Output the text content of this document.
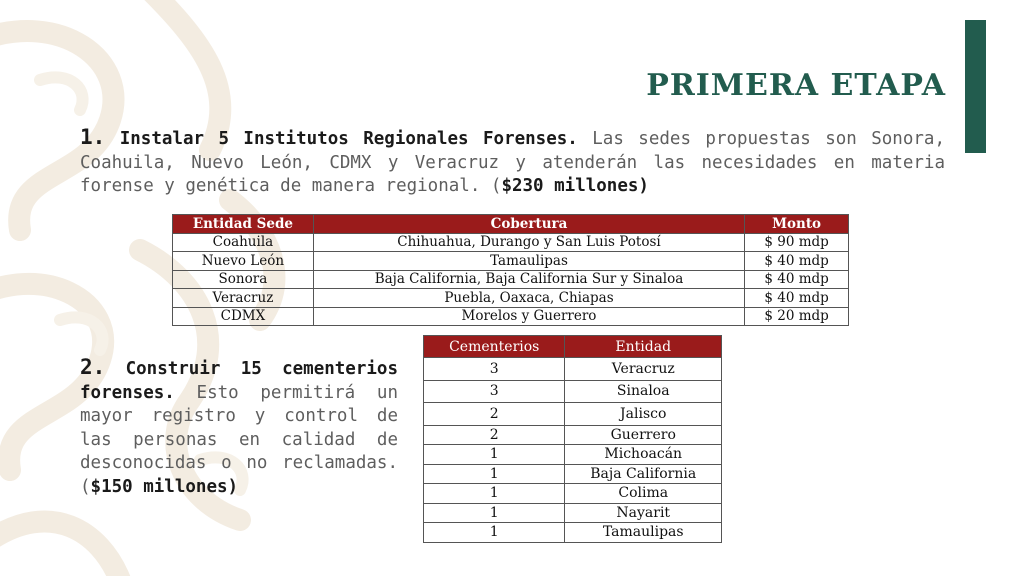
PRIMERA ETAPA

1. Instalar 5 Institutos Regionales Forenses. Las sedes propuestas son Sonora, Coahuila, Nuevo León, CDMX y Veracruz y atenderán las necesidades en materia forense y genética de manera regional. ($230 millones)

Entidad Sede	Cobertura	Monto
Coahuila	Chihuahua, Durango y San Luis Potosí	$ 90 mdp
Nuevo León	Tamaulipas	$ 40 mdp
Sonora	Baja California, Baja California Sur y Sinaloa	$ 40 mdp
Veracruz	Puebla, Oaxaca, Chiapas	$ 40 mdp
CDMX	Morelos y Guerrero	$ 20 mdp

2. Construir 15 cementerios forenses. Esto permitirá un mayor registro y control de las personas en calidad de desconocidas o no reclamadas. ($150 millones)

Cementerios	Entidad
3	Veracruz
3	Sinaloa
2	Jalisco
2	Guerrero
1	Michoacán
1	Baja California
1	Colima
1	Nayarit
1	Tamaulipas
